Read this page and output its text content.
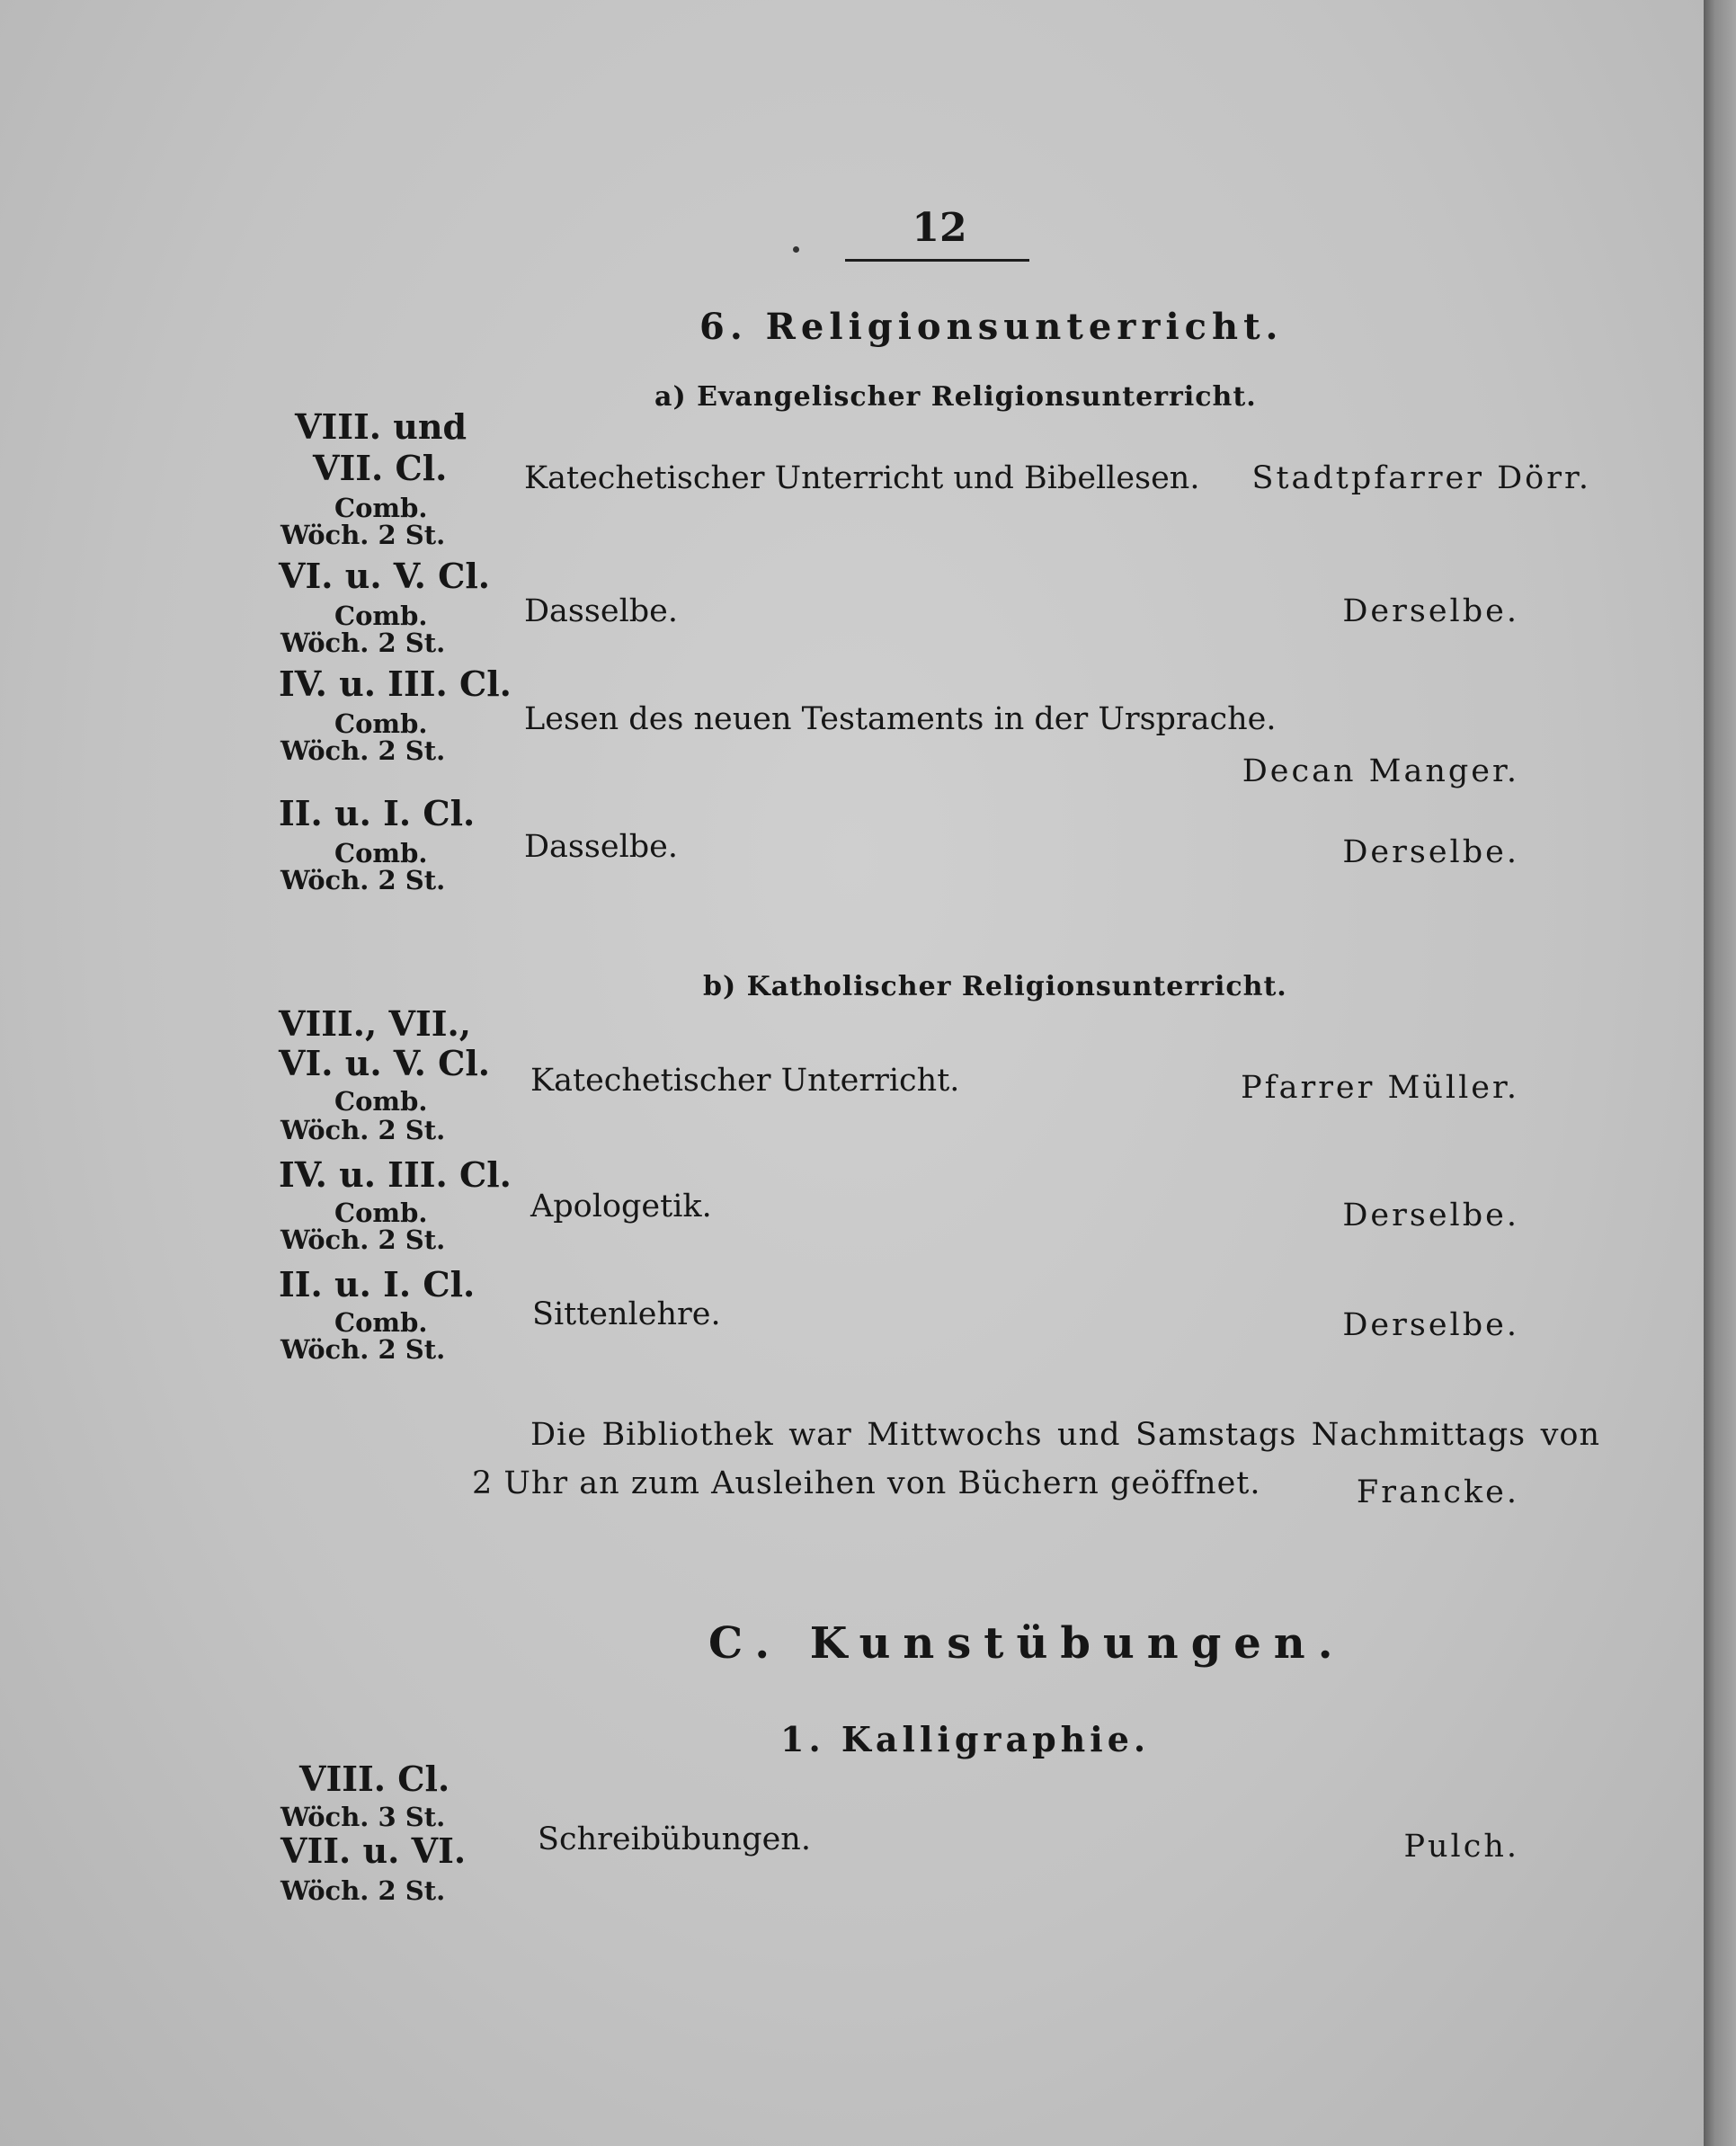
12
6. Religionsunterricht.
a) Evangelischer Religionsunterricht.
VIII. und
VII. Cl.
Comb.
Wöch. 2 St.
Katechetischer Unterricht und Bibellesen.	Stadtpfarrer Dörr.
VI. u. V. Cl.
Comb.
Wöch. 2 St.
Dasselbe.	Derselbe.
IV. u. III. Cl.
Comb.
Wöch. 2 St.
Lesen des neuen Testaments in der Ursprache.
Decan Manger.
II. u. I. Cl.
Comb.
Wöch. 2 St.
Dasselbe.	Derselbe.
b) Katholischer Religionsunterricht.
VIII., VII.,
VI. u. V. Cl.
Comb.
Wöch. 2 St.
Katechetischer Unterricht.	Pfarrer Müller.
IV. u. III. Cl.
Comb.
Wöch. 2 St.
Apologetik.	Derselbe.
II. u. I. Cl.
Comb.
Wöch. 2 St.
Sittenlehre.	Derselbe.
Die Bibliothek war Mittwochs und Samstags Nachmittags von
2 Uhr an zum Ausleihen von Büchern geöffnet.	Francke.
C. Kunstübungen.
1. Kalligraphie.
VIII. Cl.
Wöch. 3 St.
VII. u. VI.
Wöch. 2 St.
Schreibübungen.	Pulch.
